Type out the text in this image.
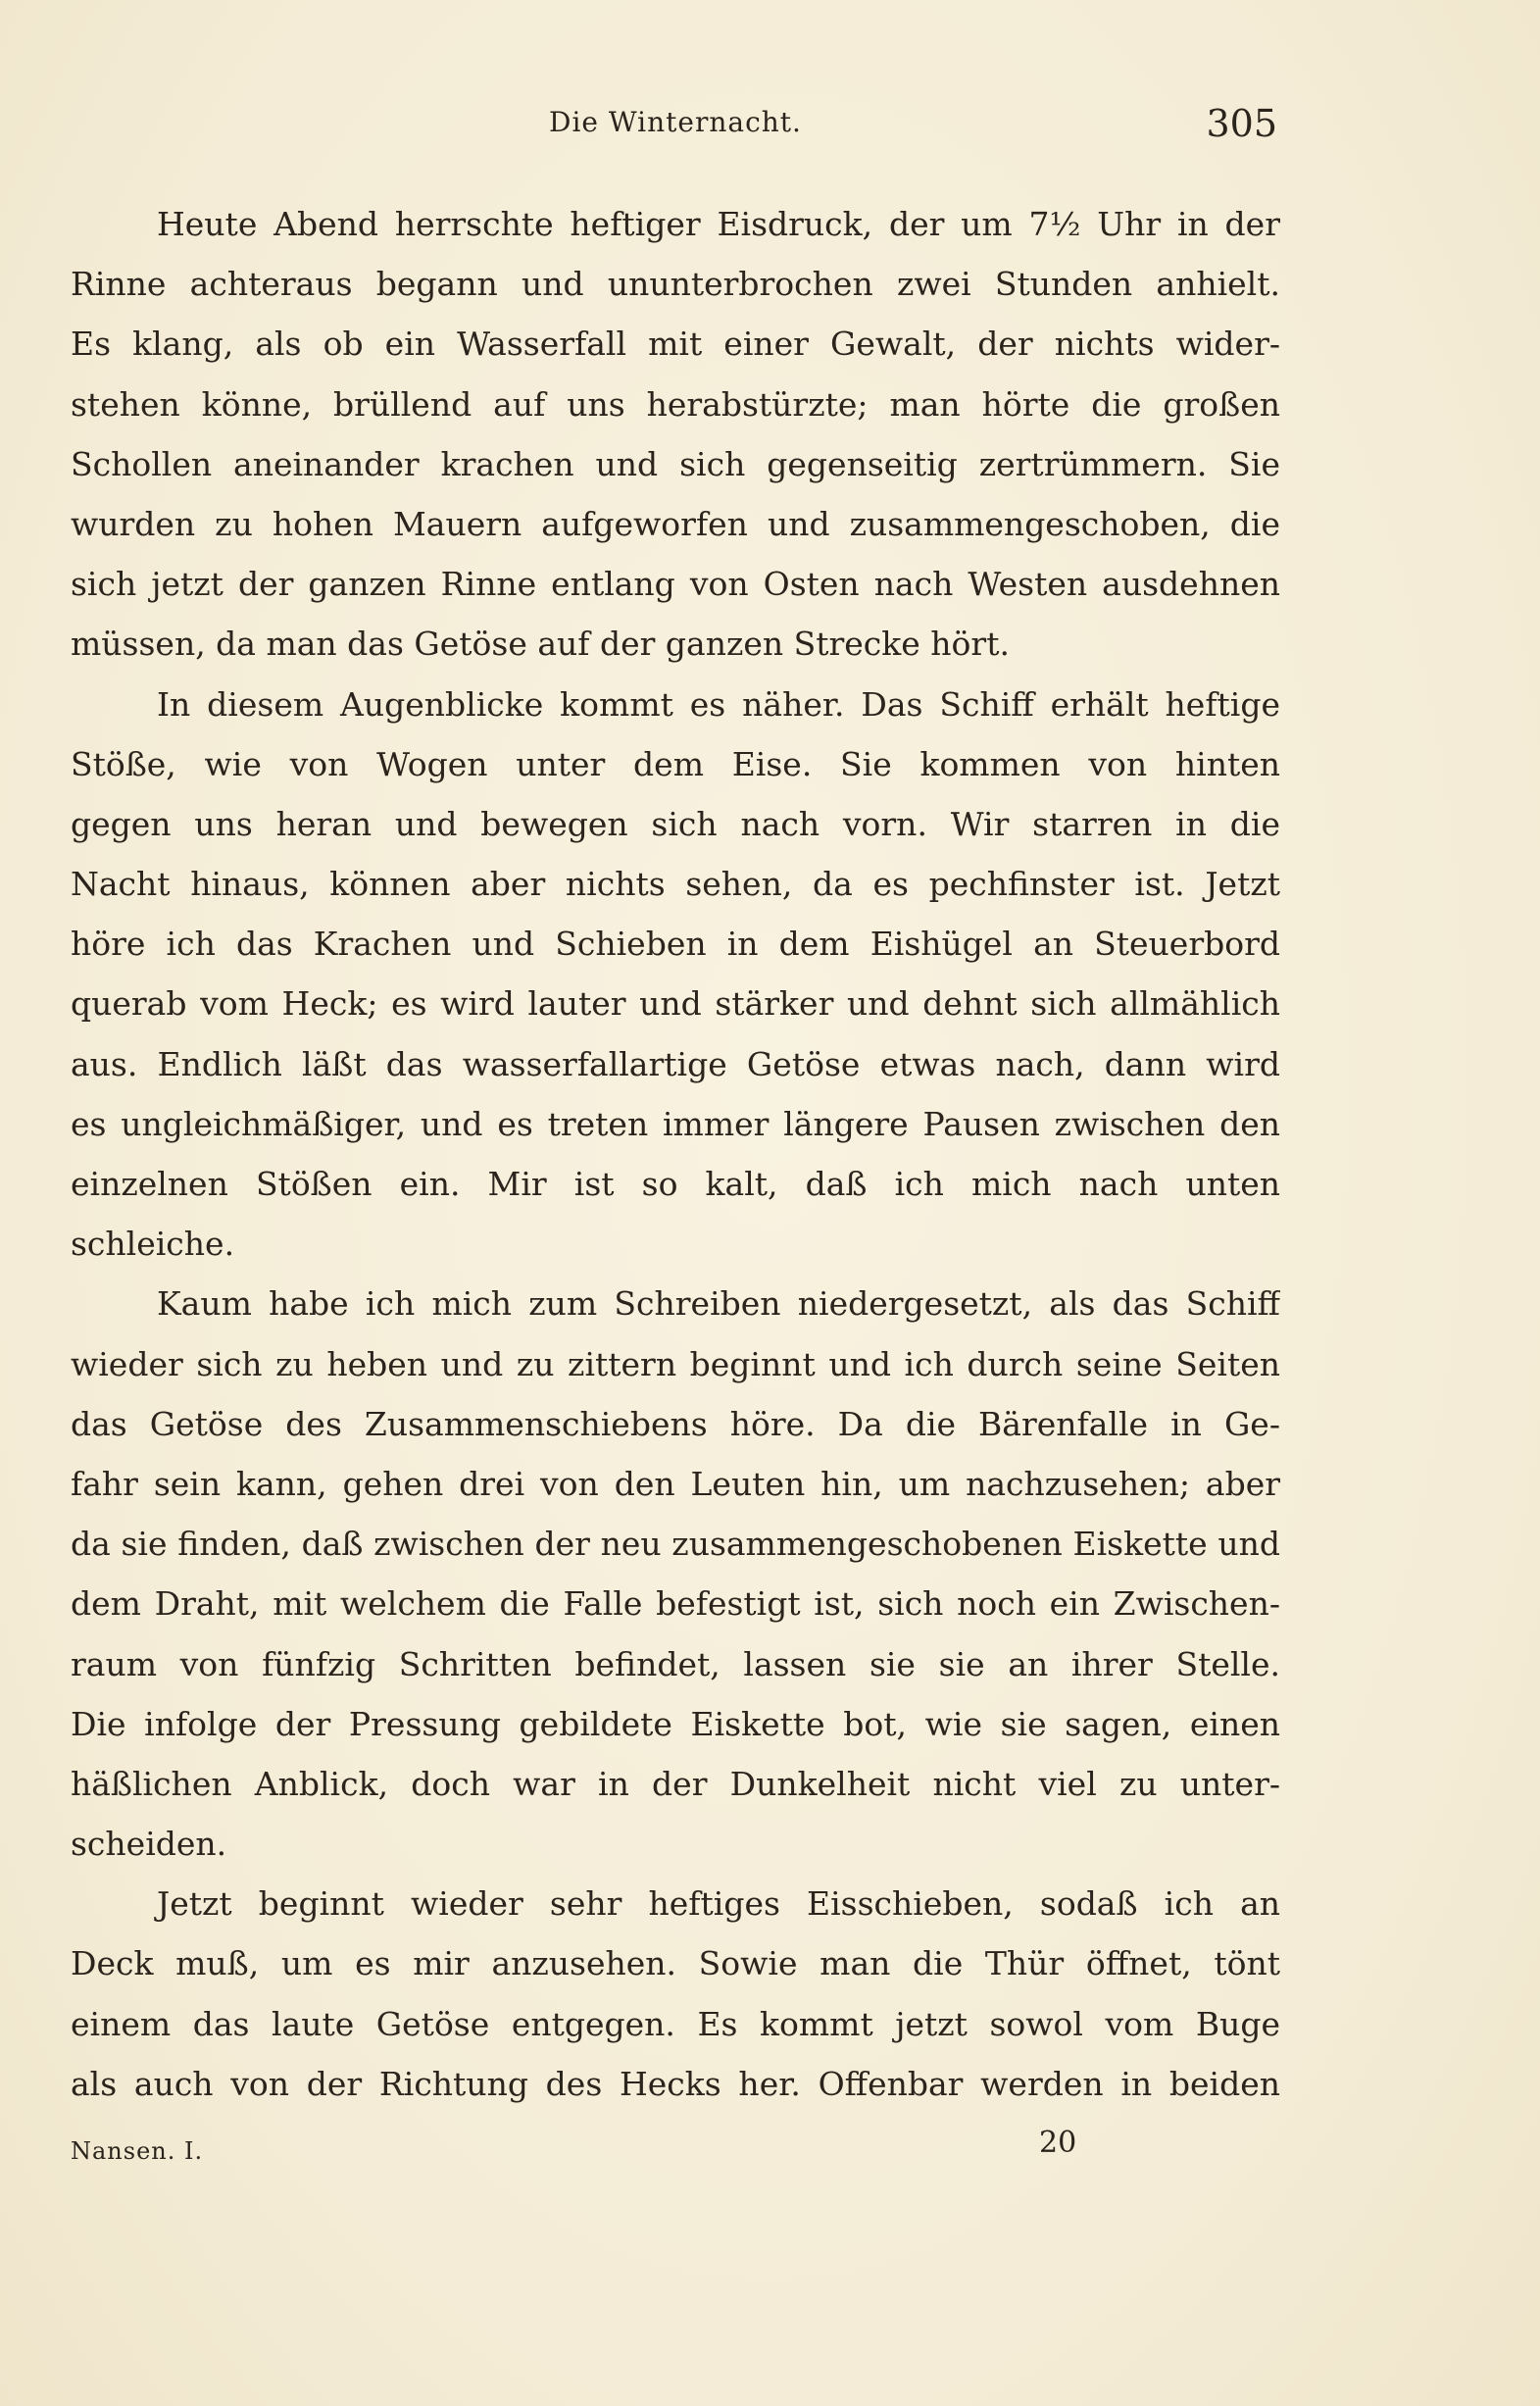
Die Winternacht.	305
Heute Abend herrschte heftiger Eisdruck, der um 7½ Uhr in der
Rinne achteraus begann und ununterbrochen zwei Stunden anhielt.
Es klang, als ob ein Wasserfall mit einer Gewalt, der nichts wider-
stehen könne, brüllend auf uns herabstürzte; man hörte die großen
Schollen aneinander krachen und sich gegenseitig zertrümmern. Sie
wurden zu hohen Mauern aufgeworfen und zusammengeschoben, die
sich jetzt der ganzen Rinne entlang von Osten nach Westen ausdehnen
müssen, da man das Getöse auf der ganzen Strecke hört.
In diesem Augenblicke kommt es näher. Das Schiff erhält heftige
Stöße, wie von Wogen unter dem Eise. Sie kommen von hinten
gegen uns heran und bewegen sich nach vorn. Wir starren in die
Nacht hinaus, können aber nichts sehen, da es pechfinster ist. Jetzt
höre ich das Krachen und Schieben in dem Eishügel an Steuerbord
querab vom Heck; es wird lauter und stärker und dehnt sich allmählich
aus. Endlich läßt das wasserfallartige Getöse etwas nach, dann wird
es ungleichmäßiger, und es treten immer längere Pausen zwischen den
einzelnen Stößen ein. Mir ist so kalt, daß ich mich nach unten
schleiche.
Kaum habe ich mich zum Schreiben niedergesetzt, als das Schiff
wieder sich zu heben und zu zittern beginnt und ich durch seine Seiten
das Getöse des Zusammenschiebens höre. Da die Bärenfalle in Ge-
fahr sein kann, gehen drei von den Leuten hin, um nachzusehen; aber
da sie finden, daß zwischen der neu zusammengeschobenen Eiskette und
dem Draht, mit welchem die Falle befestigt ist, sich noch ein Zwischen-
raum von fünfzig Schritten befindet, lassen sie sie an ihrer Stelle.
Die infolge der Pressung gebildete Eiskette bot, wie sie sagen, einen
häßlichen Anblick, doch war in der Dunkelheit nicht viel zu unter-
scheiden.
Jetzt beginnt wieder sehr heftiges Eisschieben, sodaß ich an
Deck muß, um es mir anzusehen. Sowie man die Thür öffnet, tönt
einem das laute Getöse entgegen. Es kommt jetzt sowol vom Buge
als auch von der Richtung des Hecks her. Offenbar werden in beiden
20
Nansen. I.
